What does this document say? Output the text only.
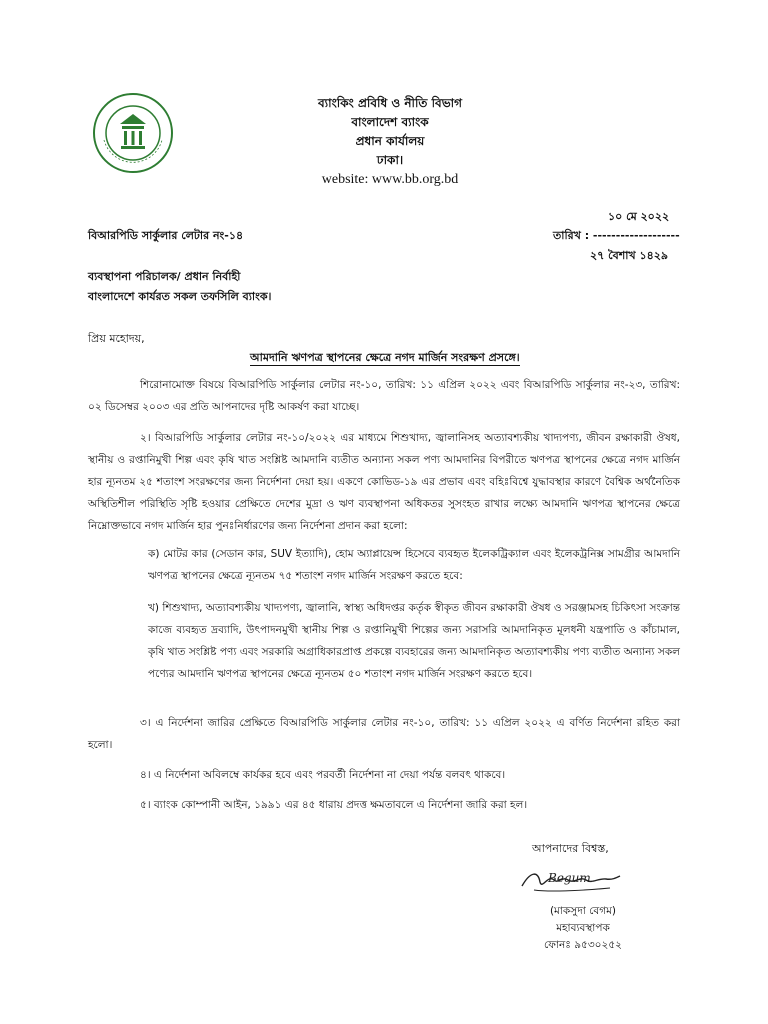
ব্যাংকিং প্রবিধি ও নীতি বিভাগ
বাংলাদেশ ব্যাংক
প্রধান কার্যালয়
ঢাকা।
website: www.bb.org.bd
১০ মে ২০২২
বিআরপিডি সার্কুলার লেটার নং-১৪	তারিখ : -------------------
২৭ বৈশাখ ১৪২৯
ব্যবস্থাপনা পরিচালক/ প্রধান নির্বাহী
বাংলাদেশে কার্যরত সকল তফসিলি ব্যাংক।
প্রিয় মহোদয়,
আমদানি ঋণপত্র স্থাপনের ক্ষেত্রে নগদ মার্জিন সংরক্ষণ প্রসঙ্গে।
শিরোনামোক্ত বিষয়ে বিআরপিডি সার্কুলার লেটার নং-১০, তারিখ: ১১ এপ্রিল ২০২২ এবং বিআরপিডি সার্কুলার নং-২৩, তারিখ: ০২ ডিসেম্বর ২০০৩ এর প্রতি আপনাদের দৃষ্টি আকর্ষণ করা যাচ্ছে।
২। বিআরপিডি সার্কুলার লেটার নং-১০/২০২২ এর মাধ্যমে শিশুখাদ্য, জ্বালানিসহ অত্যাবশ্যকীয় খাদ্যপণ্য, জীবন রক্ষাকারী ঔষধ, স্থানীয় ও রপ্তানিমুখী শিল্প এবং কৃষি খাত সংশ্লিষ্ট আমদানি ব্যতীত অন্যান্য সকল পণ্য আমদানির বিপরীতে ঋণপত্র স্থাপনের ক্ষেত্রে নগদ মার্জিন হার ন্যূনতম ২৫ শতাংশ সংরক্ষণের জন্য নির্দেশনা দেয়া হয়। একণে কোভিড-১৯ এর প্রভাব এবং বহিঃবিশ্বে যুদ্ধাবস্থার কারণে বৈশ্বিক অর্থনৈতিক অস্থিতিশীল পরিস্থিতি সৃষ্টি হওয়ার প্রেক্ষিতে দেশের মুদ্রা ও ঋণ ব্যবস্থাপনা অধিকতর সুসংহত রাখার লক্ষ্যে আমদানি ঋণপত্র স্থাপনের ক্ষেত্রে নিম্নোক্তভাবে নগদ মার্জিন হার পুনঃনির্ধারণের জন্য নির্দেশনা প্রদান করা হলো:
ক) মোটর কার (সেডান কার, SUV ইত্যাদি), হোম অ্যাপ্লায়েন্স হিসেবে ব্যবহৃত ইলেকট্রিক্যাল এবং ইলেকট্রনিক্স সামগ্রীর আমদানি ঋণপত্র স্থাপনের ক্ষেত্রে ন্যূনতম ৭৫ শতাংশ নগদ মার্জিন সংরক্ষণ করতে হবে:
খ) শিশুখাদ্য, অত্যাবশ্যকীয় খাদ্যপণ্য, জ্বালানি, স্বাস্থ্য অধিদপ্তর কর্তৃক স্বীকৃত জীবন রক্ষাকারী ঔষধ ও সরঞ্জামসহ চিকিৎসা সংক্রান্ত কাজে ব্যবহৃত দ্রব্যাদি, উৎপাদনমুখী স্থানীয় শিল্প ও রপ্তানিমুখী শিল্পের জন্য সরাসরি আমদানিকৃত মূলধনী যন্ত্রপাতি ও কাঁচামাল, কৃষি খাত সংশ্লিষ্ট পণ্য এবং সরকারি অগ্রাধিকারপ্রাপ্ত প্রকল্পে ব্যবহারের জন্য আমদানিকৃত অত্যাবশ্যকীয় পণ্য ব্যতীত অন্যান্য সকল পণ্যের আমদানি ঋণপত্র স্থাপনের ক্ষেত্রে ন্যূনতম ৫০ শতাংশ নগদ মার্জিন সংরক্ষণ করতে হবে।
৩। এ নির্দেশনা জারির প্রেক্ষিতে বিআরপিডি সার্কুলার লেটার নং-১০, তারিখ: ১১ এপ্রিল ২০২২ এ বর্ণিত নির্দেশনা রহিত করা হলো।
৪। এ নির্দেশনা অবিলম্বে কার্যকর হবে এবং পরবর্তী নির্দেশনা না দেয়া পর্যন্ত বলবৎ থাকবে।
৫। ব্যাংক কোম্পানী আইন, ১৯৯১ এর ৪৫ ধারায় প্রদত্ত ক্ষমতাবলে এ নির্দেশনা জারি করা হল।
আপনাদের বিশ্বস্ত,
Begum
(মাকসুদা বেগম)
মহাব্যবস্থাপক
ফোনঃ ৯৫৩০২৫২
